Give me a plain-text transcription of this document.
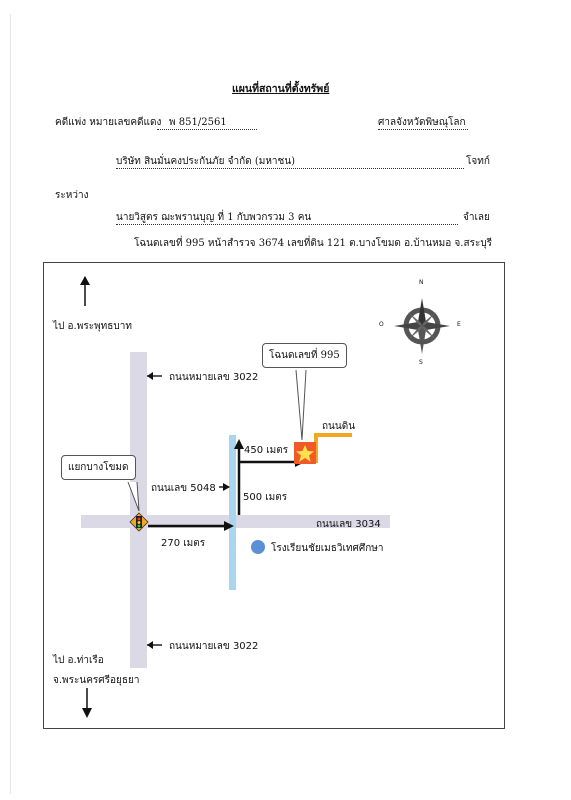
แผนที่สถานที่ตั้งทรัพย์
คดีแพ่ง หมายเลขคดีแดง พ 851/2561	ศาลจังหวัดพิษณุโลก
บริษัท สินมั่นคงประกันภัย จำกัด (มหาชน)	โจทก์
ระหว่าง
นายวิสูตร ฌะพรานบุญ ที่ 1 กับพวกรวม 3 คน	จำเลย
โฉนดเลขที่ 995 หน้าสำรวจ 3674 เลขที่ดิน 121 ต.บางโขมด อ.บ้านหมอ จ.สระบุรี
N
S
E
O
ไป อ.พระพุทธบาท
ถนนหมายเลข 3022
ถนนหมายเลข 3022
ถนนเลข 5048
ถนนเลข 3034
270 เมตร
500 เมตร
450 เมตร
ถนนดิน
โรงเรียนชัยเมธวิเทศศึกษา
ไป อ.ท่าเรือ
จ.พระนครศรีอยุธยา
แยกบางโขมด
โฉนดเลขที่ 995
